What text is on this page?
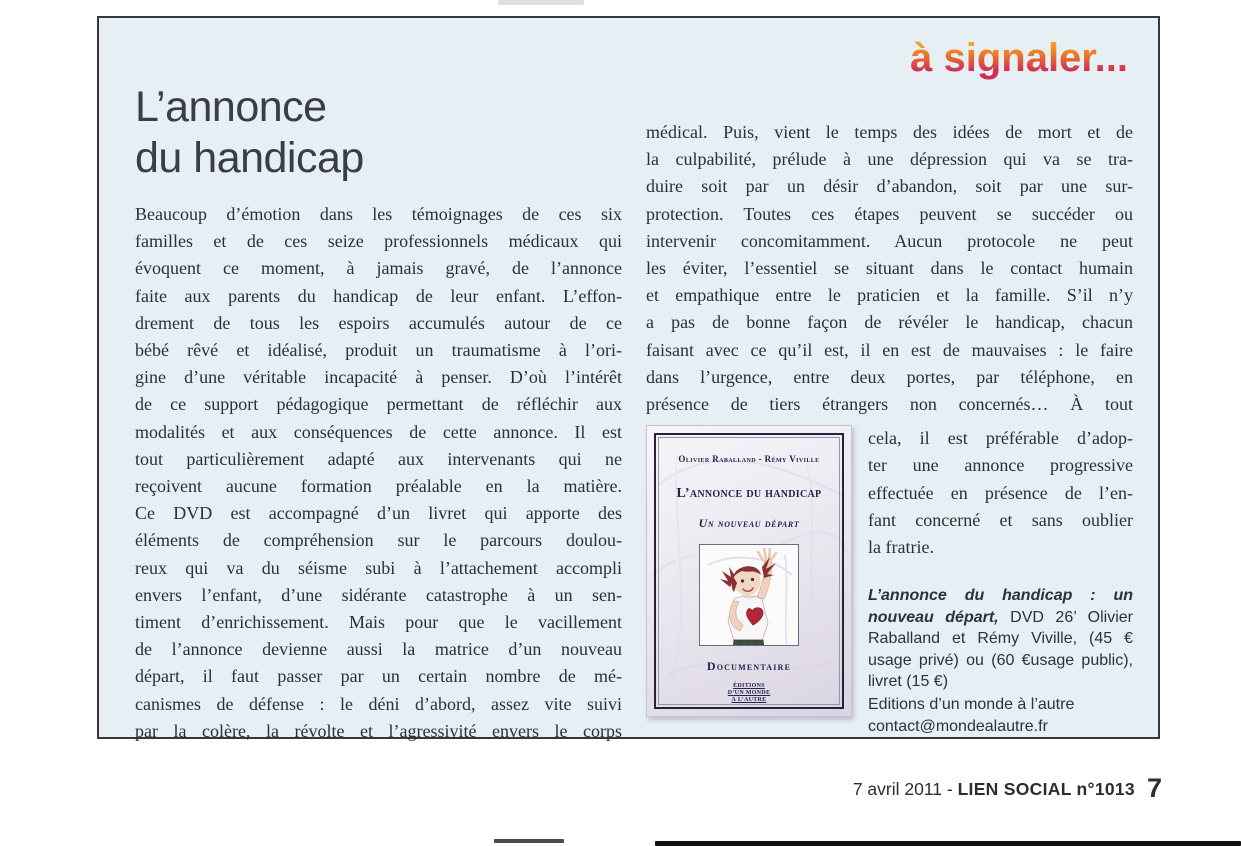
à signaler...
L’annonce
du handicap
Beaucoup d’émotion dans les témoignages de ces six
familles et de ces seize professionnels médicaux qui
évoquent ce moment, à jamais gravé, de l’annonce
faite aux parents du handicap de leur enfant. L’effon-
drement de tous les espoirs accumulés autour de ce
bébé rêvé et idéalisé, produit un traumatisme à l’ori-
gine d’une véritable incapacité à penser. D’où l’intérêt
de ce support pédagogique permettant de réfléchir aux
modalités et aux conséquences de cette annonce. Il est
tout particulièrement adapté aux intervenants qui ne
reçoivent aucune formation préalable en la matière.
Ce DVD est accompagné d’un livret qui apporte des
éléments de compréhension sur le parcours doulou-
reux qui va du séisme subi à l’attachement accompli
envers l’enfant, d’une sidérante catastrophe à un sen-
timent d’enrichissement. Mais pour que le vacillement
de l’annonce devienne aussi la matrice d’un nouveau
départ, il faut passer par un certain nombre de mé-
canismes de défense : le déni d’abord, assez vite suivi
par la colère, la révolte et l’agressivité envers le corps
médical. Puis, vient le temps des idées de mort et de
la culpabilité, prélude à une dépression qui va se tra-
duire soit par un désir d’abandon, soit par une sur-
protection. Toutes ces étapes peuvent se succéder ou
intervenir concomitamment. Aucun protocole ne peut
les éviter, l’essentiel se situant dans le contact humain
et empathique entre le praticien et la famille. S’il n’y
a pas de bonne façon de révéler le handicap, chacun
faisant avec ce qu’il est, il en est de mauvaises : le faire
dans l’urgence, entre deux portes, par téléphone, en
présence de tiers étrangers non concernés… À tout
Olivier Raballand - Rémy Viville
L’annonce du handicap
Un nouveau départ
Documentaire
ÉDITIONS
D’UN MONDE
À L’AUTRE
cela, il est préférable d’adop-
ter une annonce progressive
effectuée en présence de l’en-
fant concerné et sans oublier
la fratrie.

L’annonce du handicap : un nouveau départ, DVD 26’ Olivier Raballand et Rémy Viville, (45 € usage privé) ou (60 €usage public), livret (15 €)

Editions d’un monde à l’autre
contact@mondealautre.fr
7 avril 2011 - LIEN SOCIAL n°1013 7
